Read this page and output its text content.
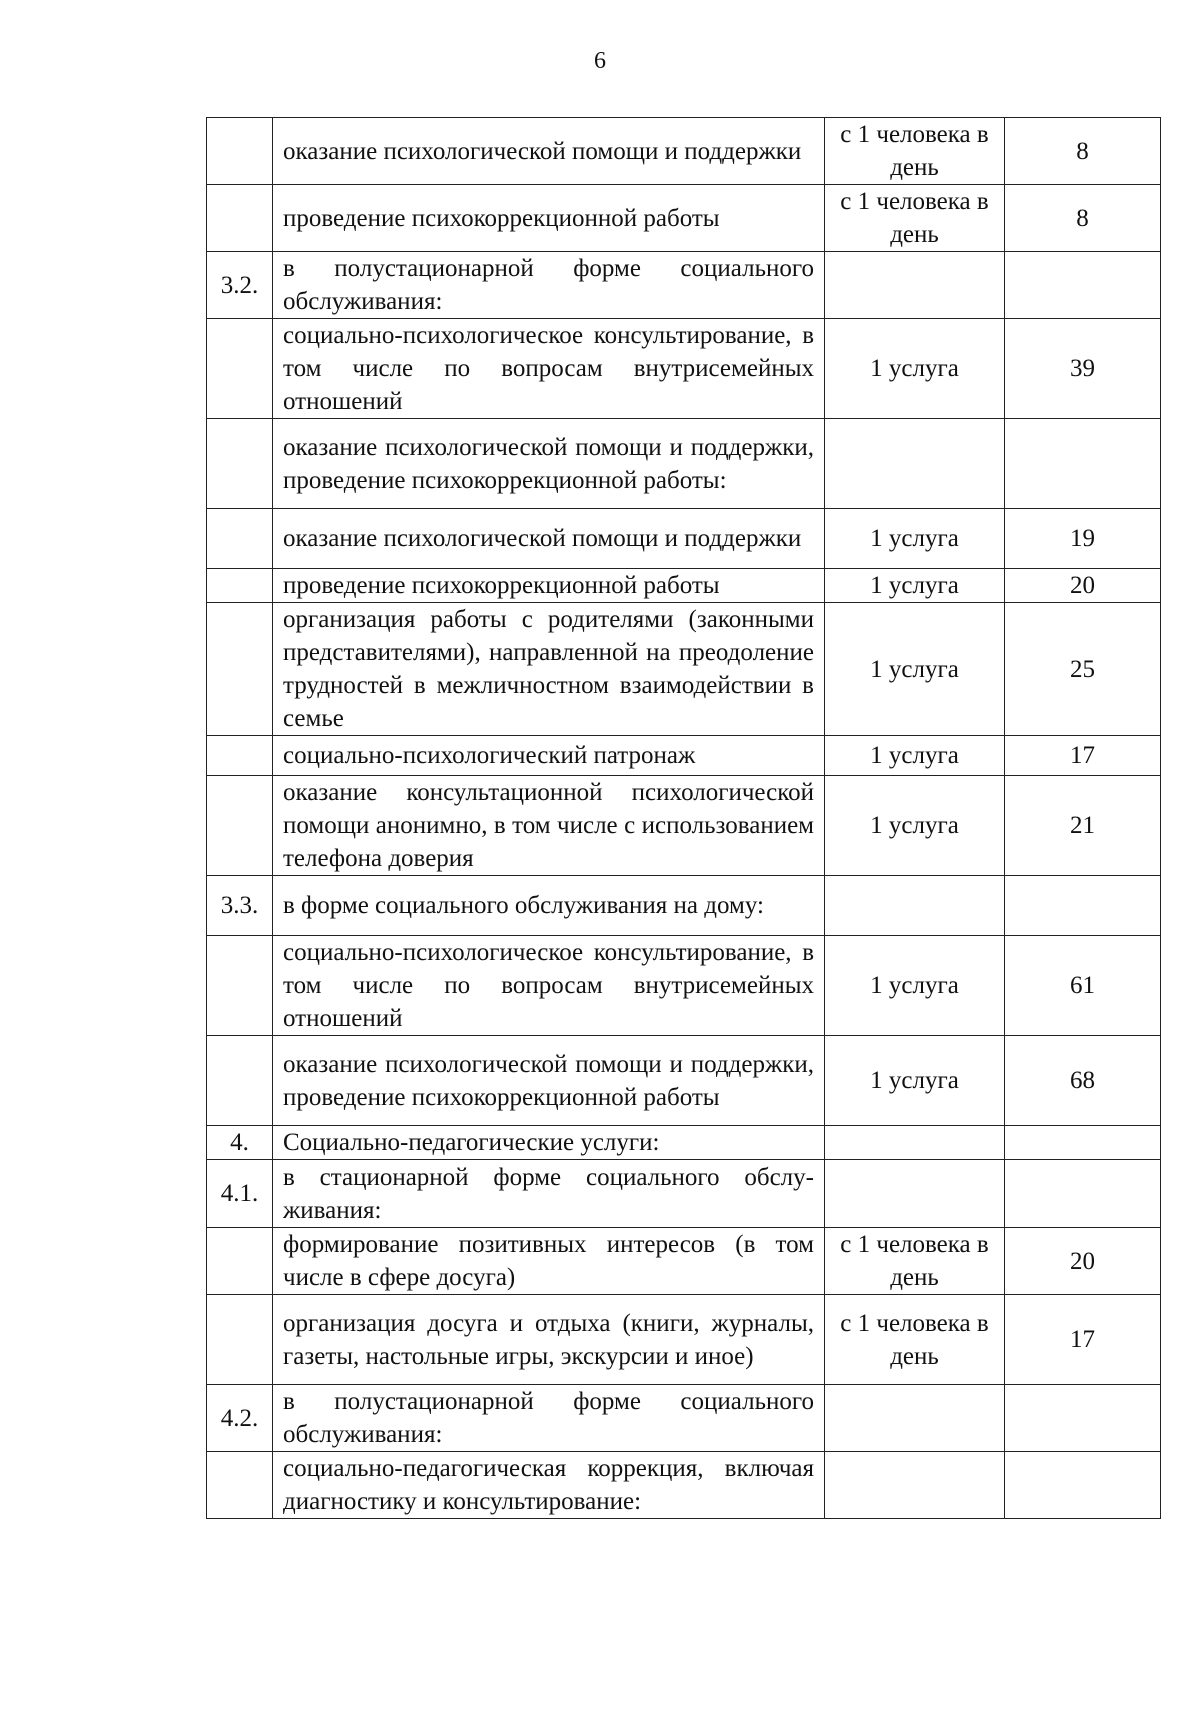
6
	оказание психологической помощи и поддержки	с 1 человека в день	8
	проведение психокоррекционной работы	с 1 человека в день	8
3.2.	в полустационарной форме социального обслуживания:		
	социально-психологическое консультирование, в том числе по вопросам внутрисемейных отношений	1 услуга	39
	оказание психологической помощи и поддержки, проведение психокоррекционной работы:		
	оказание психологической помощи и поддержки	1 услуга	19
	проведение психокоррекционной работы	1 услуга	20
	организация работы с родителями (законными представителями), направленной на преодоление трудностей в межличностном взаимодействии в семье	1 услуга	25
	социально-психологический патронаж	1 услуга	17
	оказание консультационной психологической помощи анонимно, в том числе с использованием телефона доверия	1 услуга	21
3.3.	в форме социального обслуживания на дому:		
	социально-психологическое консультирование, в том числе по вопросам внутрисемейных отношений	1 услуга	61
	оказание психологической помощи и поддержки, проведение психокоррекционной работы	1 услуга	68
4.	Социально-педагогические услуги:		
4.1.	в стационарной форме социального обслуживания:		
	формирование позитивных интересов (в том числе в сфере досуга)	с 1 человека в день	20
	организация досуга и отдыха (книги, журналы, газеты, настольные игры, экскурсии и иное)	с 1 человека в день	17
4.2.	в полустационарной форме социального обслуживания:		
	социально-педагогическая коррекция, включая диагностику и консультирование:		
